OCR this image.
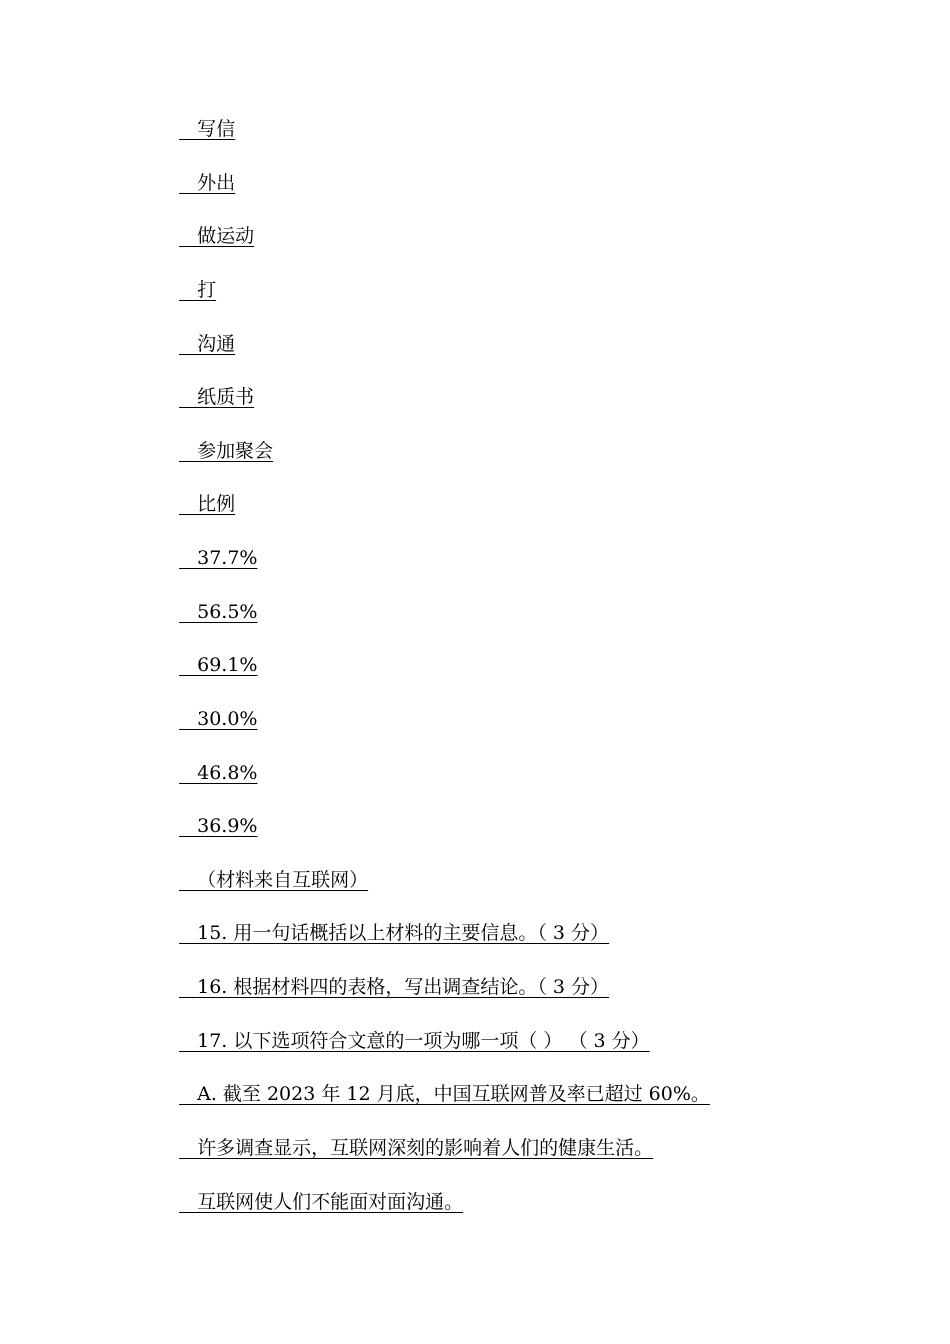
写信
外出
做运动
打
沟通
纸质书
参加聚会
比例
37.7%
56.5%
69.1%
30.0%
46.8%
36.9%
（材料来自互联网）
15. 用一句话概括以上材料的主要信息。（ 3 分）
16. 根据材料四的表格，写出调查结论。（ 3 分）
17. 以下选项符合文意的一项为哪一项（ ） （ 3 分）
A. 截至 2023 年 12 月底，中国互联网普及率已超过 60%。
许多调查显示，互联网深刻的影响着人们的健康生活。
互联网使人们不能面对面沟通。
